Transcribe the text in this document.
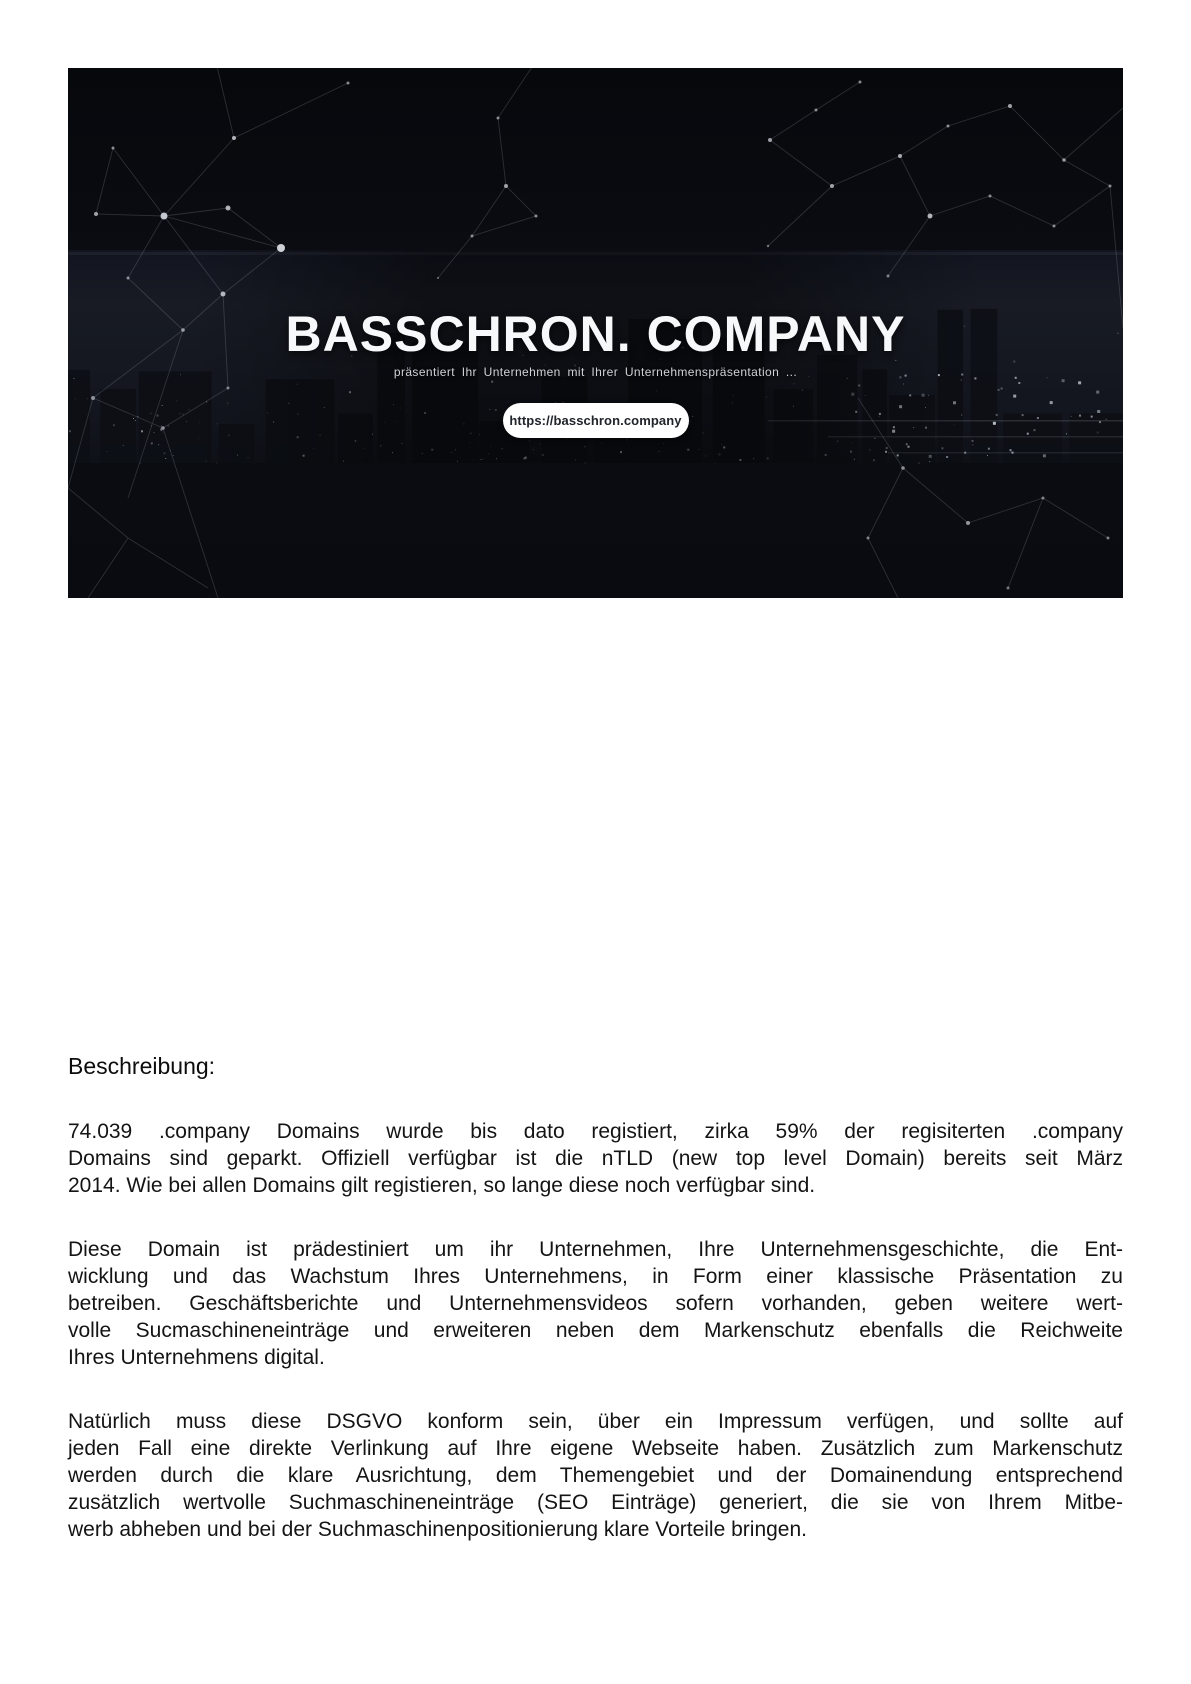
BASSCHRON. COMPANY
präsentiert Ihr Unternehmen mit Ihrer Unternehmenspräsentation ...
https://basschron.company
Beschreibung:
74.039 .company Domains wurde bis dato registiert, zirka 59% der regisiterten .company
Domains sind geparkt. Offiziell verfügbar ist die nTLD (new top level Domain) bereits seit März
2014. Wie bei allen Domains gilt registieren, so lange diese noch verfügbar sind.
Diese Domain ist prädestiniert um ihr Unternehmen, Ihre Unternehmensgeschichte, die Ent-
wicklung und das Wachstum Ihres Unternehmens, in Form einer klassische Präsentation zu
betreiben. Geschäftsberichte und Unternehmensvideos sofern vorhanden, geben weitere wert-
volle Sucmaschineneinträge und erweiteren neben dem Markenschutz ebenfalls die Reichweite
Ihres Unternehmens digital.
Natürlich muss diese DSGVO konform sein, über ein Impressum verfügen, und sollte auf
jeden Fall eine direkte Verlinkung auf Ihre eigene Webseite haben. Zusätzlich zum Markenschutz
werden durch die klare Ausrichtung, dem Themengebiet und der Domainendung entsprechend
zusätzlich wertvolle Suchmaschineneinträge (SEO Einträge) generiert, die sie von Ihrem Mitbe-
werb abheben und bei der Suchmaschinenpositionierung klare Vorteile bringen.
